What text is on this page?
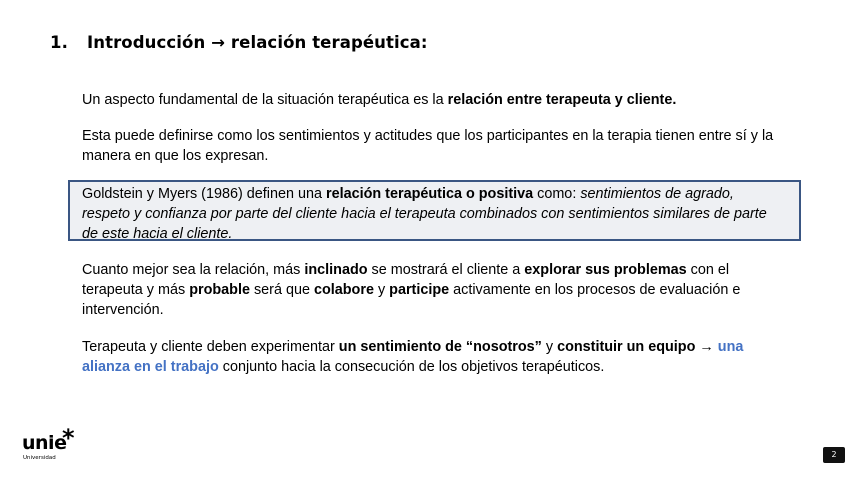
1. Introducción → relación terapéutica:
Un aspecto fundamental de la situación terapéutica es la relación entre terapeuta y cliente.
Esta puede definirse como los sentimientos y actitudes que los participantes en la terapia tienen entre sí y la manera en que los expresan.
Goldstein y Myers (1986) definen una relación terapéutica o positiva como: sentimientos de agrado, respeto y confianza por parte del cliente hacia el terapeuta combinados con sentimientos similares de parte de este hacia el cliente.
Cuanto mejor sea la relación, más inclinado se mostrará el cliente a explorar sus problemas con el terapeuta y más probable será que colabore y participe activamente en los procesos de evaluación e intervención.
Terapeuta y cliente deben experimentar un sentimiento de “nosotros” y constituir un equipo → una alianza en el trabajo conjunto hacia la consecución de los objetivos terapéuticos.
unie
*
Universidad	2
